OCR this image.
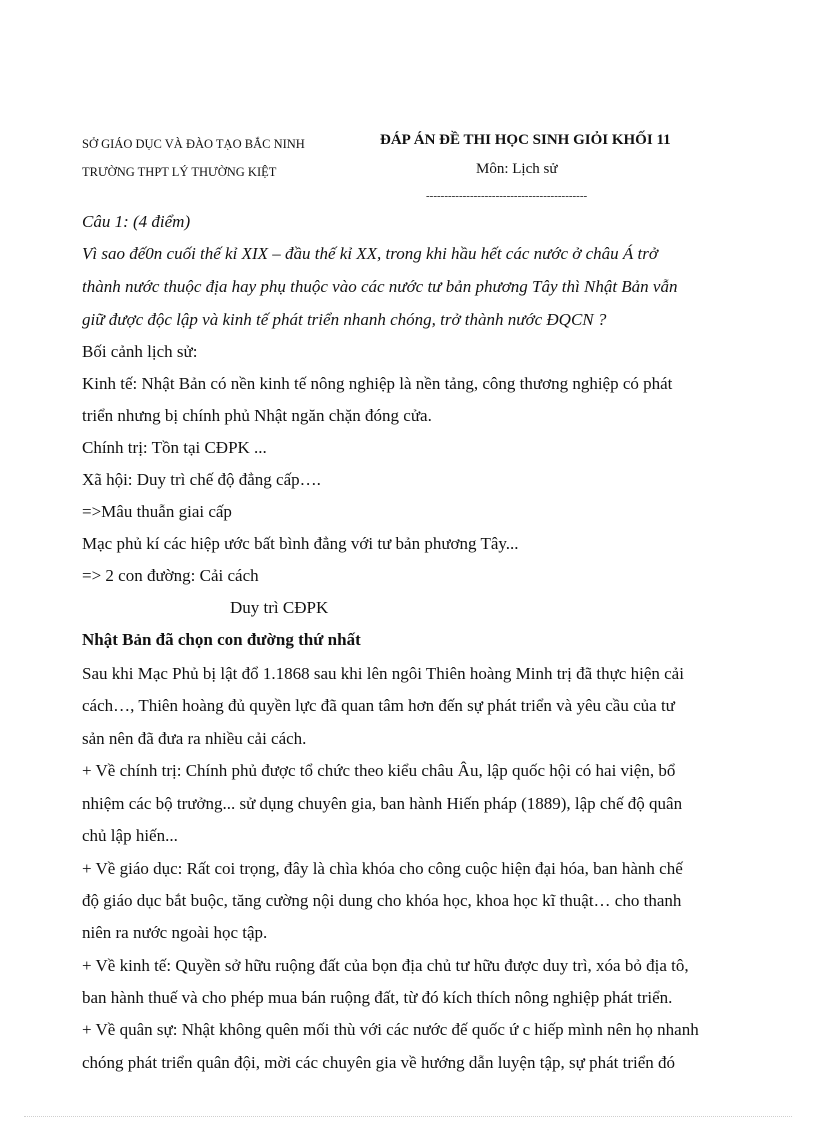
SỞ GIÁO DỤC VÀ ĐÀO TẠO BẮC NINH
TRƯỜNG THPT LÝ THƯỜNG KIỆT
ĐÁP ÁN ĐỀ THI HỌC SINH GIỎI KHỐI 11
Môn: Lịch sử
--------------------------------------------
Câu 1: (4 điểm)
Vì sao đế0n cuối thế kỉ XIX – đầu thế kỉ XX, trong khi hầu hết các nước ở châu Á trở
thành nước thuộc địa hay phụ thuộc vào các nước tư bản phương Tây thì Nhật Bản vẫn
giữ được độc lập và kinh tế phát triển nhanh chóng, trở thành nước ĐQCN ?
Bối cảnh lịch sử:
Kinh tế: Nhật Bản có nền kinh tế nông nghiệp là nền tảng, công thương nghiệp có phát
triển nhưng bị chính phủ Nhật ngăn chặn đóng cửa.
Chính trị: Tồn tại CĐPK ...
Xã hội: Duy trì chế độ đẳng cấp….
=>Mâu thuẫn giai cấp
Mạc phủ kí các hiệp ước bất bình đẳng với tư bản phương Tây...
=> 2 con đường: Cải cách
Duy trì CĐPK
Nhật Bản đã chọn con đường thứ nhất
Sau khi Mạc Phủ bị lật đổ 1.1868 sau khi lên ngôi Thiên hoàng Minh trị đã thực hiện cải
cách…, Thiên hoàng đủ quyền lực đã quan tâm hơn đến sự phát triển và yêu cầu của tư
sản nên đã đưa ra nhiều cải cách.
+ Về chính trị: Chính phủ được tổ chức theo kiểu châu Âu, lập quốc hội có hai viện, bổ
nhiệm các bộ trưởng... sử dụng chuyên gia, ban hành Hiến pháp (1889), lập chế độ quân
chủ lập hiến...
+ Về giáo dục: Rất coi trọng, đây là chìa khóa cho công cuộc hiện đại hóa, ban hành chế
độ giáo dục bắt buộc, tăng cường nội dung cho khóa học, khoa học kĩ thuật… cho thanh
niên ra nước ngoài học tập.
+ Về kinh tế: Quyền sở hữu ruộng đất của bọn địa chủ tư hữu được duy trì, xóa bỏ địa tô,
ban hành thuế và cho phép mua bán ruộng đất, từ đó kích thích nông nghiệp phát triển.
+ Về quân sự: Nhật không quên mối thù với các nước đế quốc ứ c hiếp mình nên họ nhanh
chóng phát triển quân đội, mời các chuyên gia về hướng dẫn luyện tập, sự phát triển đó
